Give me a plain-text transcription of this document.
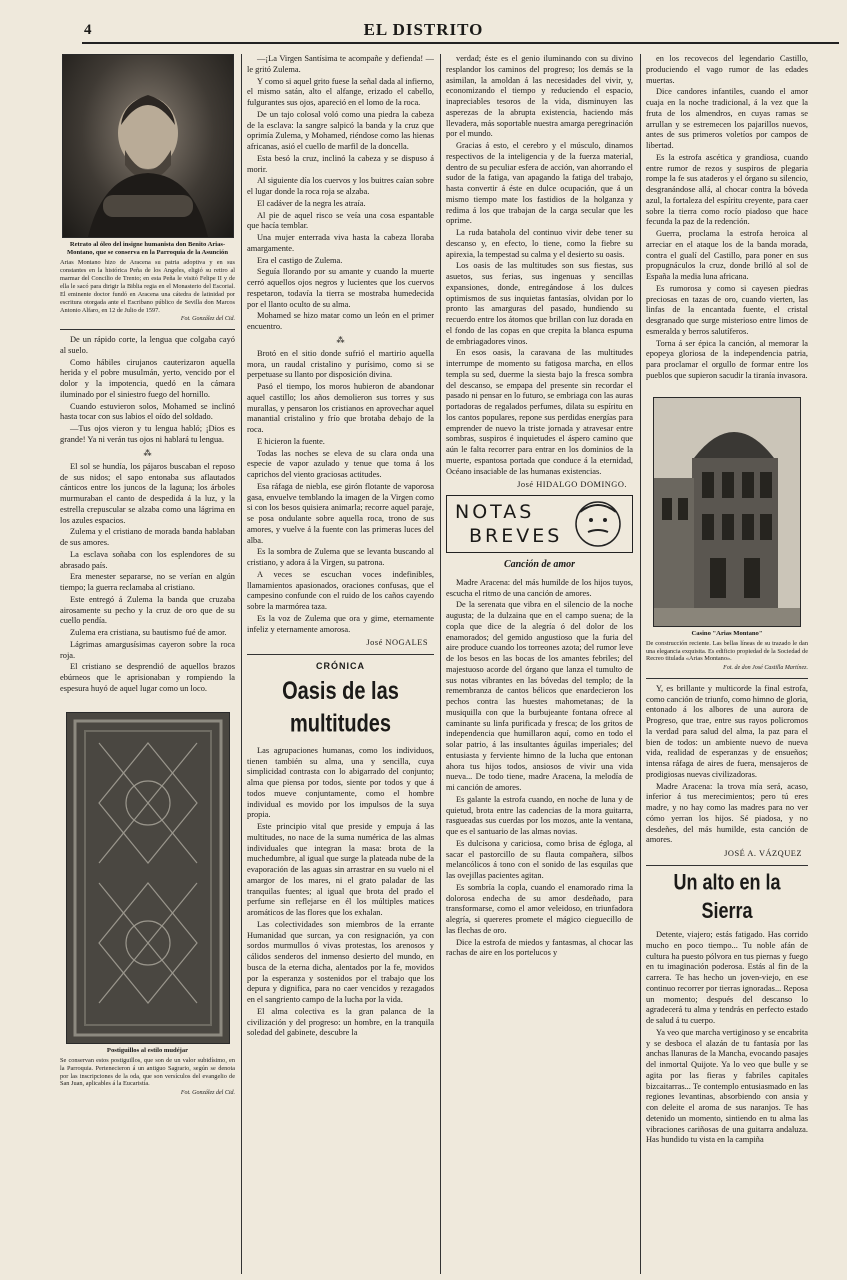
4	EL DISTRITO
Retrato al óleo del insigne humanista don Benito Arias-Montano, que se conserva en la Parroquia de la Asunción
Arias Montano hizo de Aracena su patria adoptiva y en sus constantes en la histórica Peña de los Angeles, eligió su retiro al marmar del Concilio de Trento; en esta Peña le visitó Felipe II y de ella le sacó para dirigir la Biblia regia en el Monasterio del Escorial. El eminente doctor fundó en Aracena una cátedra de latinidad por escritura otorgada ante el Escribano público de Sevilla don Marcos Antonio Alfaro, en 12 de Julio de 1597.
Fot. González del Cid.

De un rápido corte, la lengua que colgaba cayó al suelo.

Como hábiles cirujanos cauterizaron aquella herida y el pobre musulmán, yerto, vencido por el dolor y la impotencia, quedó en la cámara iluminado por el siniestro fuego del hornillo.

Cuando estuvieron solos, Mohamed se inclinó hasta tocar con sus labios el oído del soldado.

—Tus ojos vieron y tu lengua habló; ¡Dios es grande! Ya ni verán tus ojos ni hablará tu lengua.

⁂

El sol se hundía, los pájaros buscaban el reposo de sus nidos; el sapo entonaba sus aflautados cánticos entre los juncos de la laguna; los árboles murmuraban el canto de despedida á la luz, y la estrella crepuscular se alzaba como una lágrima en los azules espacios.

Zulema y el cristiano de morada banda hablaban de sus amores.

La esclava soñaba con los esplendores de su abrasado país.

Era menester separarse, no se verían en algún tiempo; la guerra reclamaba al cristiano.

Este entregó á Zulema la banda que cruzaba airosamente su pecho y la cruz de oro que de su cuello pendía.

Zulema era cristiana, su bautismo fué de amor.

Lágrimas amargusísimas cayeron sobre la roca roja.

El cristiano se desprendió de aquellos brazos ebúrneos que le aprisionaban y rompiendo la espesura huyó de aquel lugar como un loco.

Postiguillos al estilo mudéjar
Se conservan estos postiguillos, que son de un valor subidísimo, en la Parroquia. Pertenecieron á un antiguo Sagrario, según se denota por las inscripciones de la oda, que son versículos del evangelio de San Juan, aplicables á la Eucaristía.
Fot. González del Cid.

—¡La Virgen Santísima te acompañe y defienda! —le gritó Zulema.

Y como si aquel grito fuese la señal dada al infierno, el mismo satán, alto el alfange, erizado el cabello, fulgurantes sus ojos, apareció en el lomo de la roca.

De un tajo colosal voló como una piedra la cabeza de la esclava: la sangre salpicó la banda y la cruz que oprimía Zulema, y Mohamed, riéndose como las hienas africanas, asió el cuello de marfil de la doncella.

Esta besó la cruz, inclinó la cabeza y se dispuso á morir.

Al siguiente día los cuervos y los buitres caían sobre el lugar donde la roca roja se alzaba.

El cadáver de la negra les atraía.

Al pie de aquel risco se veía una cosa espantable que hacía temblar.

Una mujer enterrada viva hasta la cabeza lloraba amargamente.

Era el castigo de Zulema.

Seguía llorando por su amante y cuando la muerte cerró aquellos ojos negros y lucientes que los cuervos respetaron, todavía la tierra se mostraba humedecida por el llanto oculto de su alma.

Mohamed se hizo matar como un león en el primer encuentro.

⁂

Brotó en el sitio donde sufrió el martirio aquella mora, un raudal cristalino y purísimo, como si se perpetuase su llanto por disposición divina.

Pasó el tiempo, los moros hubieron de abandonar aquel castillo; los años demolieron sus torres y sus murallas, y pensaron los cristianos en aprovechar aquel manantial cristalino y frío que brotaba debajo de la roca.

E hicieron la fuente.

Todas las noches se eleva de su clara onda una especie de vapor azulado y tenue que toma á los caprichos del viento graciosas actitudes.

Esa ráfaga de niebla, ese girón flotante de vaporosa gasa, envuelve temblando la imagen de la Virgen como si con los besos quisiera animarla; recorre aquel paraje, se posa ondulante sobre aquella roca, trono de sus amores, y vuelve á la fuente con las primeras luces del alba.

Es la sombra de Zulema que se levanta buscando al cristiano, y adora á la Virgen, su patrona.

A veces se escuchan voces indefinibles, llamamientos apasionados, oraciones confusas, que el campesino confunde con el ruido de los caños cayendo sobre la marmórea taza.

Es la voz de Zulema que ora y gime, eternamente infeliz y eternamente amorosa.

José NOGALES
CRÓNICA
Oasis de las multitudes

Las agrupaciones humanas, como los individuos, tienen también su alma, una y sencilla, cuya simplicidad contrasta con lo abigarrado del conjunto; alma que piensa por todos, siente por todos y que á todos mueve conjuntamente, como el hombre individual es movido por los impulsos de la suya propia.

Este principio vital que preside y empuja á las multitudes, no nace de la suma numérica de las almas individuales que integran la masa: brota de la muchedumbre, al igual que surge la plateada nube de la evaporación de las aguas sin arrastrar en su vuelo ni el amargor de los mares, ni el grato paladar de las tranquilas fuentes; al igual que brota del prado el perfume sin reflejarse en él los múltiples matices aromáticos de las flores que los exhalan.

Las colectividades son miembros de la errante Humanidad que surcan, ya con resignación, ya con sordos murmullos ó vivas protestas, los arenosos y cálidos senderos del inmenso desierto del mundo, en busca de la eterna dicha, alentados por la fe, movidos por la esperanza y sostenidos por el trabajo que los depura y dignifica, para no caer vencidos y rezagados en el sangriento campo de la lucha por la vida.

El alma colectiva es la gran palanca de la civilización y del progreso: un hombre, en la tranquila soledad del gabinete, descubre la

verdad; éste es el genio iluminando con su divino resplandor los caminos del progreso; los demás se la asimilan, la amoldan á las necesidades del vivir, y, economizando el tiempo y reduciendo el espacio, inapreciables tesoros de la vida, disminuyen las asperezas de la abrupta existencia, haciendo más llevadera, más soportable nuestra amarga peregrinación por el mundo.

Gracias á esto, el cerebro y el músculo, dinamos respectivos de la inteligencia y de la fuerza material, dentro de su peculiar esfera de acción, van ahorrando el sudor de la fatiga, van apagando la fatiga del trabajo, hasta convertir á éste en dulce ocupación, que á un mismo tiempo mate los fastidios de la holganza y redima á los que trabajan de la carga secular que les oprime.

La ruda batahola del continuo vivir debe tener su descanso y, en efecto, lo tiene, como la fiebre su apirexia, la tempestad su calma y el desierto su oasis.

Los oasis de las multitudes son sus fiestas, sus asuetos, sus ferias, sus ingenuas y sencillas expansiones, donde, entregándose á los dulces optimismos de sus inquietas fantasías, olvidan por lo pronto las amarguras del pasado, hundiendo su recuerdo entre los átomos que brillan con luz dorada en el fondo de las copas en que crepita la blanca espuma de embriagadores vinos.

En esos oasis, la caravana de las multitudes interrumpe de momento su fatigosa marcha, en ellos templa su sed, duerme la siesta bajo la fresca sombra del descanso, se empapa del presente sin recordar el pasado ni pensar en lo futuro, se embriaga con las auras portadoras de regalados perfumes, dilata su espíritu en los cantos populares, repone sus perdidas energías para emprender de nuevo la triste jornada y atravesar entre sombras, suspiros é inquietudes el áspero camino que aún le falta recorrer para entrar en los dominios de la muerte, espantosa portada que conduce á la eternidad, Océano insaciable de las humanas existencias.

José HIDALGO DOMINGO.
NOTAS
BREVES
Canción de amor

Madre Aracena: del más humilde de los hijos tuyos, escucha el ritmo de una canción de amores.

De la serenata que vibra en el silencio de la noche augusta; de la dulzaina que en el campo suena; de la copla que dice de la alegría ó del dolor de los enamorados; del gemido angustioso que la furia del aire produce cuando los torreones azota; del rumor leve de los besos en las bocas de los amantes febriles; del majestuoso acorde del órgano que lanza el tumulto de sus notas vibrantes en las bóvedas del templo; de la remembranza de cantos bélicos que enardecieron los pechos contra las huestes mahometanas; de la musiquilla con que la burbujeante fontana ofrece al caminante su linfa purificada y fresca; de los gritos de independencia que humillaron aquí, como en todo el solar patrio, á las insultantes águilas imperiales; del entusiasta y ferviente himno de la lucha que entonan ahora tus hijos todos, ansiosos de vivir una vida nueva... De todo tiene, madre Aracena, la melodía de mi canción de amores.

Es galante la estrofa cuando, en noche de luna y de quietud, brota entre las cadencias de la mora guitarra, rasgueadas sus cuerdas por los mozos, ante la ventana, que es el santuario de las almas novias.

Es dulcísona y cariciosa, como brisa de égloga, al sacar el pastorcillo de su flauta compañera, silbos melancólicos á tono con el sonido de las esquilas que las ovejillas pacientes agitan.

Es sombría la copla, cuando el enamorado rima la dolorosa endecha de su amor desdeñado, para transformarse, como el amor veleidoso, en triunfadora alegría, si quereres promete el mágico cieguecillo de las flechas de oro.

Dice la estrofa de miedos y fantasmas, al chocar las rachas de aire en los portelucos y

en los recovecos del legendario Castillo, produciendo el vago rumor de las edades muertas.

Dice candores infantiles, cuando el amor cuaja en la noche tradicional, á la vez que la fruta de los almendros, en cuyas ramas se arrullan y se estremecen los pajarillos nuevos, antes de sus primeros voletíos por campos de libertad.

Es la estrofa ascética y grandiosa, cuando entre rumor de rezos y suspiros de plegaria rompe la fe sus ataderos y el órgano su silencio, desgranándose allá, al chocar contra la bóveda azul, la fortaleza del espíritu creyente, para caer sobre la tierra como rocío piadoso que hace fecunda la paz de la redención.

Guerra, proclama la estrofa heroica al arreciar en el ataque los de la banda morada, contra el gualí del Castillo, para poner en sus propugnáculos la cruz, donde brilló al sol de España la media luna africana.

Es rumorosa y como si cayesen piedras preciosas en tazas de oro, cuando vierten, las linfas de la encantada fuente, el cristal desgranado que surge misterioso entre limos de esmeralda y berros salutíferos.

Torna á ser épica la canción, al memorar la epopeya gloriosa de la independencia patria, para proclamar el orgullo de formar entre los pueblos que supieron sacudir la tiranía invasora.

Casino "Arias Montano"
De construcción reciente. Las bellas líneas de su trazado le dan una elegancia exquisita. Es edificio propiedad de la Sociedad de Recreo titulada «Arias Montano».
Fot. de don José Castilla Martínez.

Y, es brillante y multicorde la final estrofa, como canción de triunfo, como himno de gloria, entonado á los albores de una aurora de Progreso, que trae, entre sus rayos policromos la verdad para salud del alma, la paz para el bien de todos: un ambiente nuevo de nueva vida, realidad de esperanzas y de ensueños; intensa ráfaga de aires de fuera, mensajeros de prodigiosas nuevas civilizadoras.

Madre Aracena: la trova mía será, acaso, inferior á tus merecimientos; pero tú eres madre, y no hay como las madres para no ver cómo yerran los hijos. Sé piadosa, y no desdeñes, del más humilde, esta canción de amores.

JOSÉ A. VÁZQUEZ
Un alto en la Sierra

Detente, viajero; estás fatigado. Has corrido mucho en poco tiempo... Tu noble afán de cultura ha puesto pólvora en tus piernas y fuego en tu imaginación poderosa. Estás al fin de la carrera. Te has hecho un joven-viejo, en ese continuo recorrer por tierras ignoradas... Reposa un momento; después del descanso lo agradecerá tu alma y tendrás en perfecto estado de salud á tu cuerpo.

Ya veo que marcha vertiginoso y se encabrita y se desboca el alazán de tu fantasía por las anchas llanuras de la Mancha, evocando pasajes del inmortal Quijote. Ya lo veo que bulle y se agita por las fieras y fabriles capitales bizcaitarras... Te contemplo entusiasmado en las regiones levantinas, absorbiendo con ansia y con deleite el aroma de sus naranjos. Te has detenido un momento, sintiendo en tu alma las vibraciones cariñosas de una guitarra andaluza. Has hundido tu vista en la campiña
